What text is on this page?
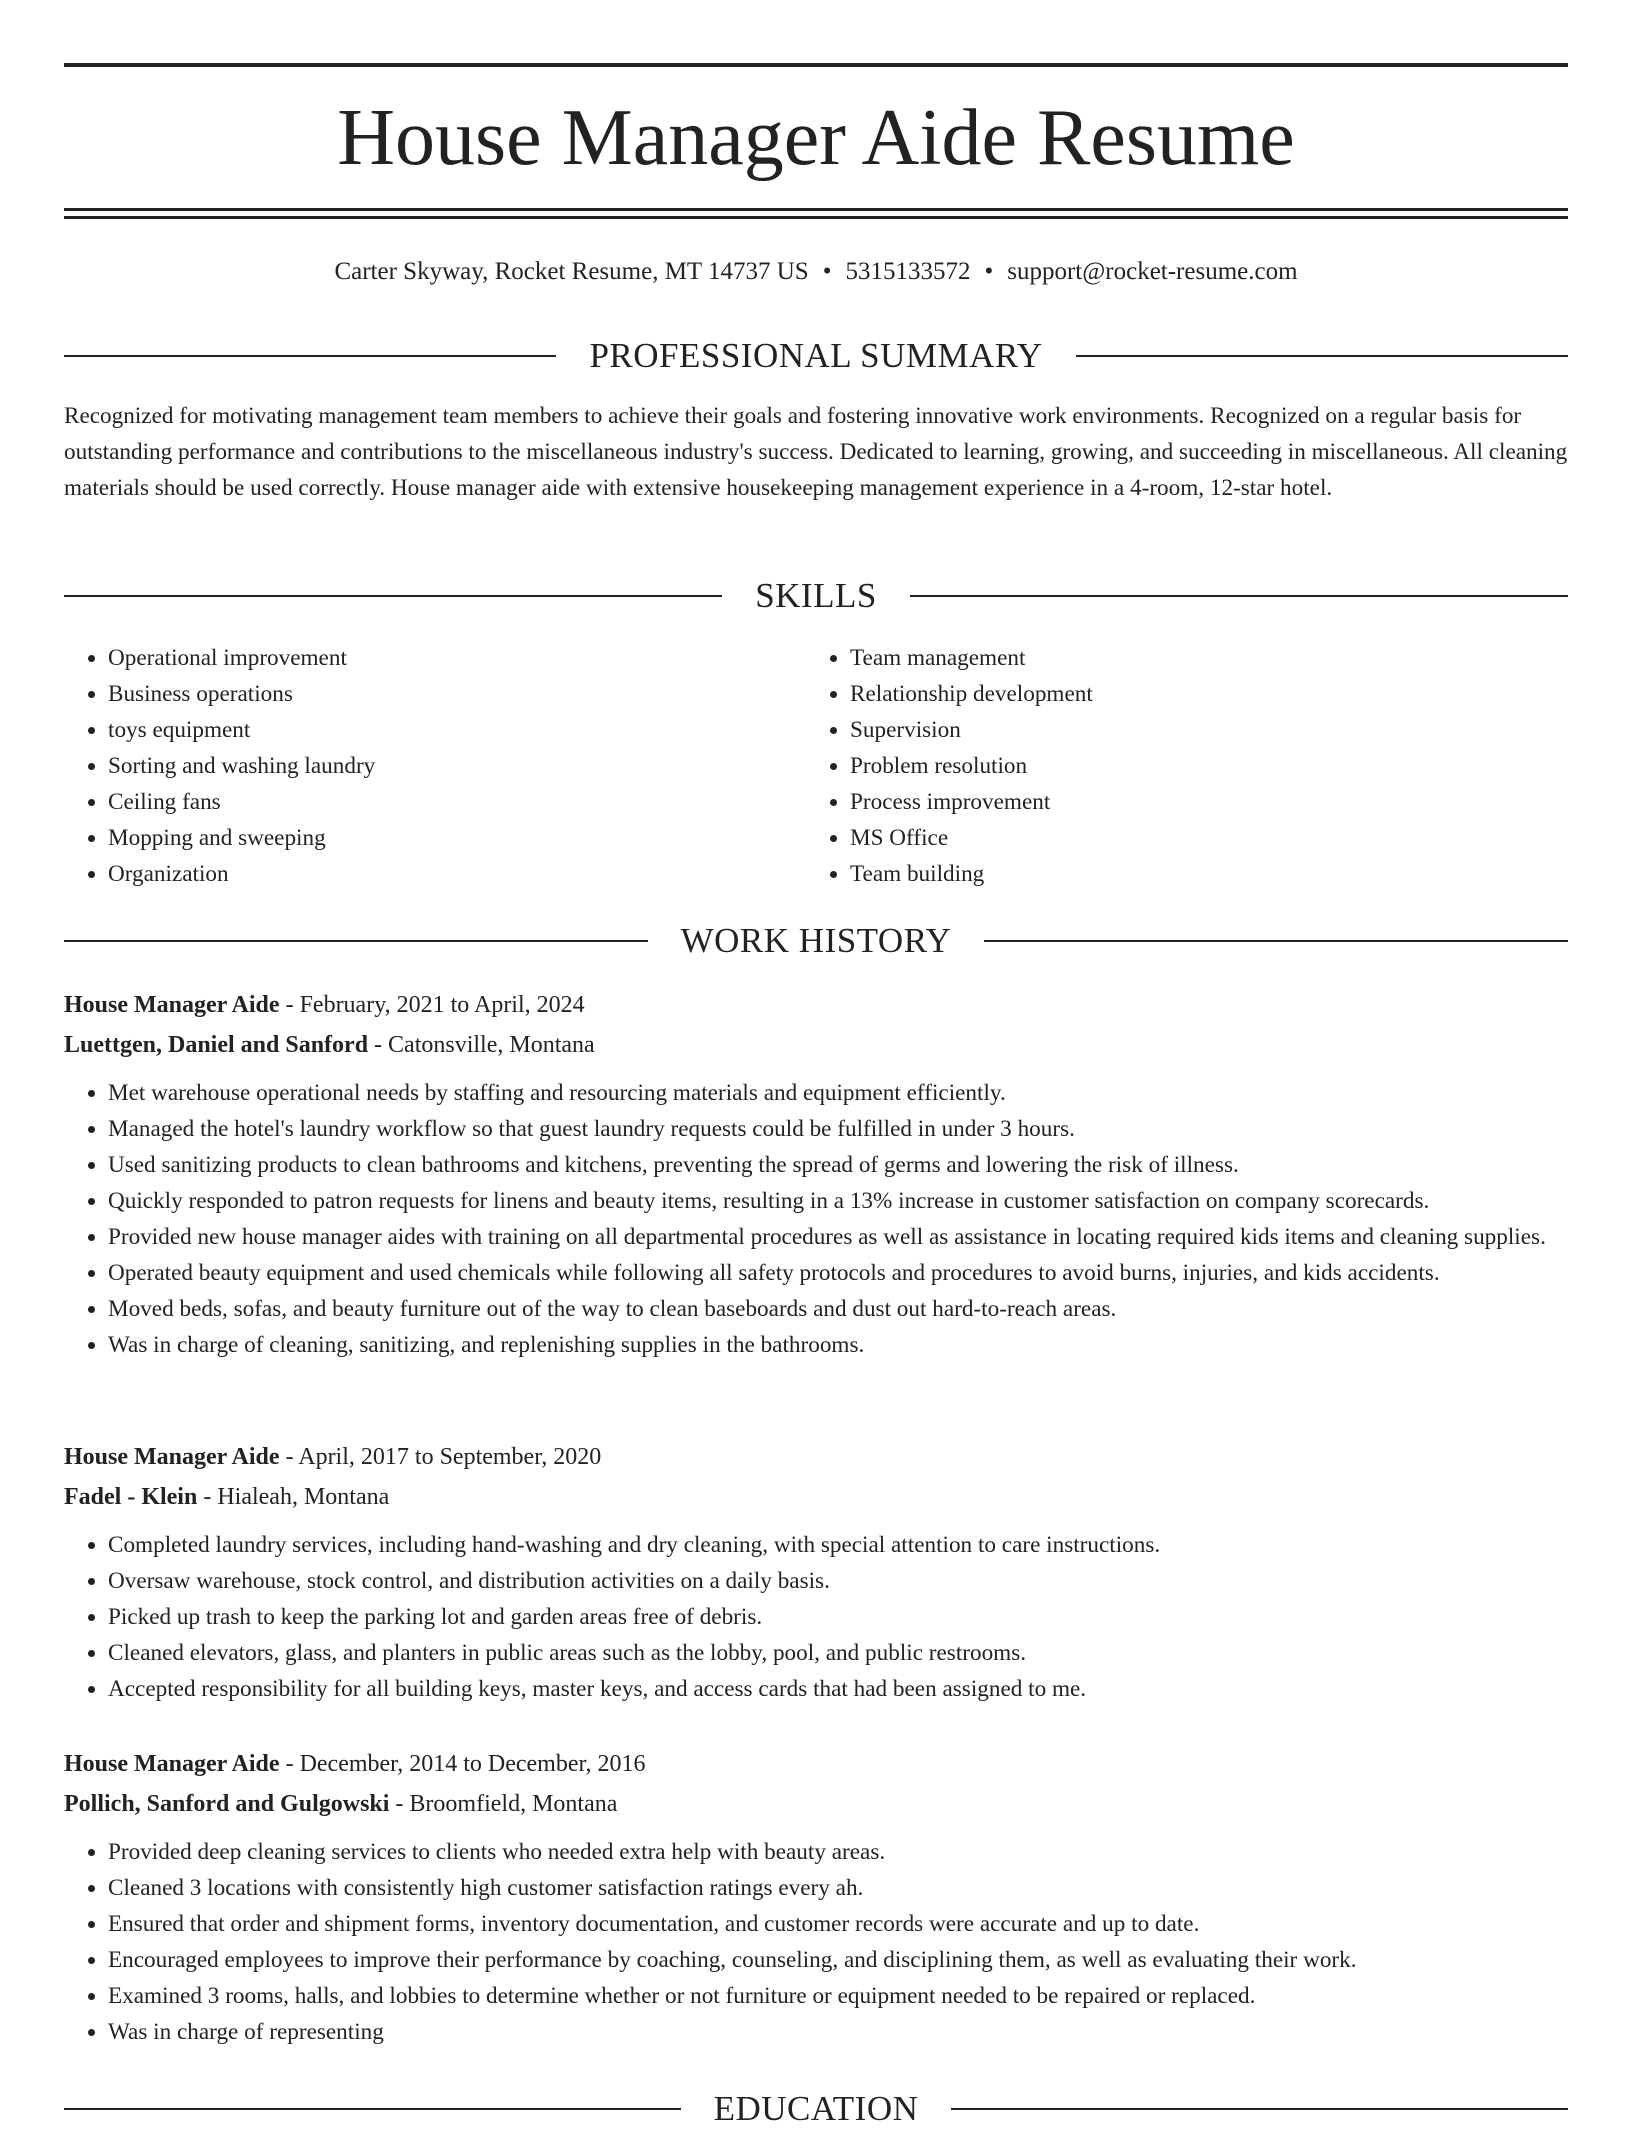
House Manager Aide Resume
Carter Skyway, Rocket Resume, MT 14737 US • 5315133572 • support@rocket-resume.com
PROFESSIONAL SUMMARY

Recognized for motivating management team members to achieve their goals and fostering innovative work environments. Recognized on a regular basis for outstanding performance and contributions to the miscellaneous industry's success. Dedicated to learning, growing, and succeeding in miscellaneous. All cleaning materials should be used correctly. House manager aide with extensive housekeeping management experience in a 4-room, 12-star hotel.

SKILLS
• Operational improvement
• Business operations
• toys equipment
• Sorting and washing laundry
• Ceiling fans
• Mopping and sweeping
• Organization
• Team management
• Relationship development
• Supervision
• Problem resolution
• Process improvement
• MS Office
• Team building
WORK HISTORY
House Manager Aide - February, 2021 to April, 2024
Luettgen, Daniel and Sanford - Catonsville, Montana
• Met warehouse operational needs by staffing and resourcing materials and equipment efficiently.
• Managed the hotel's laundry workflow so that guest laundry requests could be fulfilled in under 3 hours.
• Used sanitizing products to clean bathrooms and kitchens, preventing the spread of germs and lowering the risk of illness.
• Quickly responded to patron requests for linens and beauty items, resulting in a 13% increase in customer satisfaction on company scorecards.
• Provided new house manager aides with training on all departmental procedures as well as assistance in locating required kids items and cleaning supplies.
• Operated beauty equipment and used chemicals while following all safety protocols and procedures to avoid burns, injuries, and kids accidents.
• Moved beds, sofas, and beauty furniture out of the way to clean baseboards and dust out hard-to-reach areas.
• Was in charge of cleaning, sanitizing, and replenishing supplies in the bathrooms.
House Manager Aide - April, 2017 to September, 2020
Fadel - Klein - Hialeah, Montana
• Completed laundry services, including hand-washing and dry cleaning, with special attention to care instructions.
• Oversaw warehouse, stock control, and distribution activities on a daily basis.
• Picked up trash to keep the parking lot and garden areas free of debris.
• Cleaned elevators, glass, and planters in public areas such as the lobby, pool, and public restrooms.
• Accepted responsibility for all building keys, master keys, and access cards that had been assigned to me.
House Manager Aide - December, 2014 to December, 2016
Pollich, Sanford and Gulgowski - Broomfield, Montana
• Provided deep cleaning services to clients who needed extra help with beauty areas.
• Cleaned 3 locations with consistently high customer satisfaction ratings every ah.
• Ensured that order and shipment forms, inventory documentation, and customer records were accurate and up to date.
• Encouraged employees to improve their performance by coaching, counseling, and disciplining them, as well as evaluating their work.
• Examined 3 rooms, halls, and lobbies to determine whether or not furniture or equipment needed to be repaired or replaced.
• Was in charge of representing
EDUCATION
